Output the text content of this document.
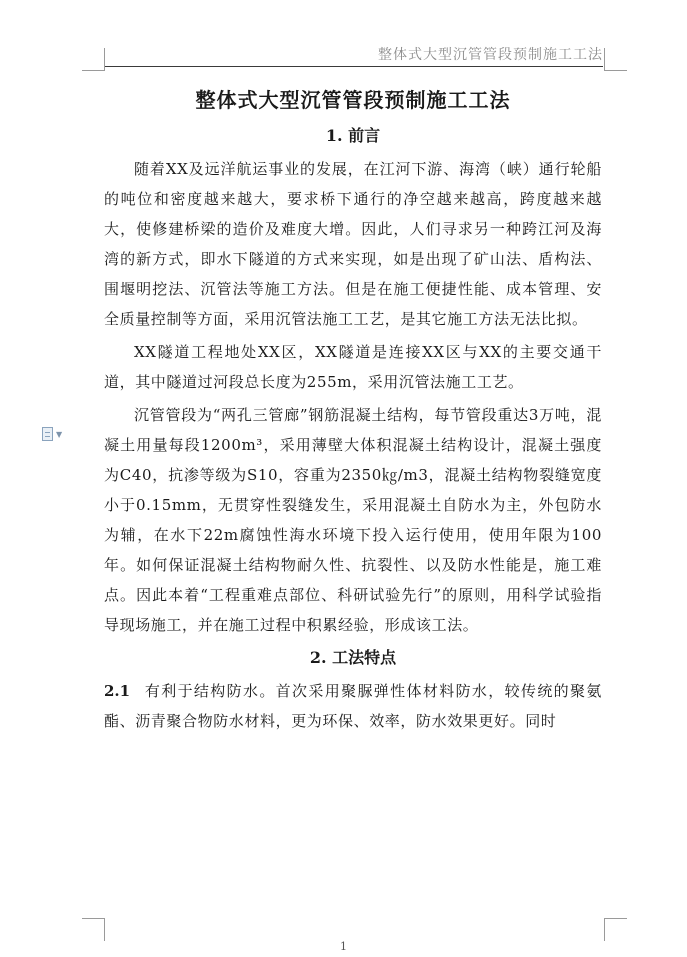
整体式大型沉管管段预制施工工法
▼
整体式大型沉管管段预制施工工法
1. 前言

随着XX及远洋航运事业的发展，在江河下游、海湾（峡）通行轮船的吨位和密度越来越大，要求桥下通行的净空越来越高，跨度越来越大，使修建桥梁的造价及难度大增。因此，人们寻求另一种跨江河及海湾的新方式，即水下隧道的方式来实现，如是出现了矿山法、盾构法、围堰明挖法、沉管法等施工方法。但是在施工便捷性能、成本管理、安全质量控制等方面，采用沉管法施工工艺，是其它施工方法无法比拟。

XX隧道工程地处XX区，XX隧道是连接XX区与XX的主要交通干道，其中隧道过河段总长度为255m，采用沉管法施工工艺。

沉管管段为“两孔三管廊”钢筋混凝土结构，每节管段重达3万吨，混凝土用量每段1200m³，采用薄壁大体积混凝土结构设计，混凝土强度为C40，抗渗等级为S10，容重为2350㎏/m3，混凝土结构物裂缝宽度小于0.15mm，无贯穿性裂缝发生，采用混凝土自防水为主，外包防水为辅，在水下22m腐蚀性海水环境下投入运行使用，使用年限为100年。如何保证混凝土结构物耐久性、抗裂性、以及防水性能是，施工难点。因此本着“工程重难点部位、科研试验先行”的原则，用科学试验指导现场施工，并在施工过程中积累经验，形成该工法。

2. 工法特点

2.1 有利于结构防水。首次采用聚脲弹性体材料防水，较传统的聚氨酯、沥青聚合物防水材料，更为环保、效率，防水效果更好。同时

1
